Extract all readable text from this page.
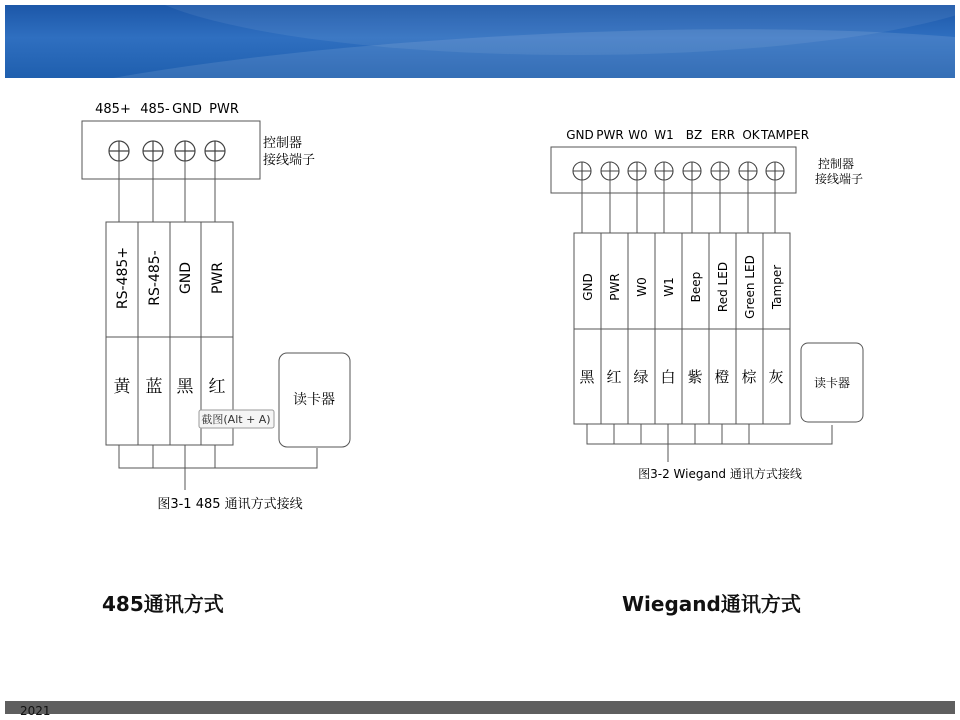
485+ 485- GND PWR
控制器
接线端子
RS-485+ RS-485- GND PWR
黄 蓝 黑 红
读卡器
截图(Alt + A)
图3-1 485 通讯方式接线
GND PWR W0 W1 BZ ERR OK TAMPER
控制器
接线端子
GND PWR W0 W1 Beep Red LED Green LED Tamper
黑 红 绿 白 紫 橙 棕 灰	读卡器
图3-2 Wiegand 通讯方式接线
485通讯方式	Wiegand通讯方式
2021
